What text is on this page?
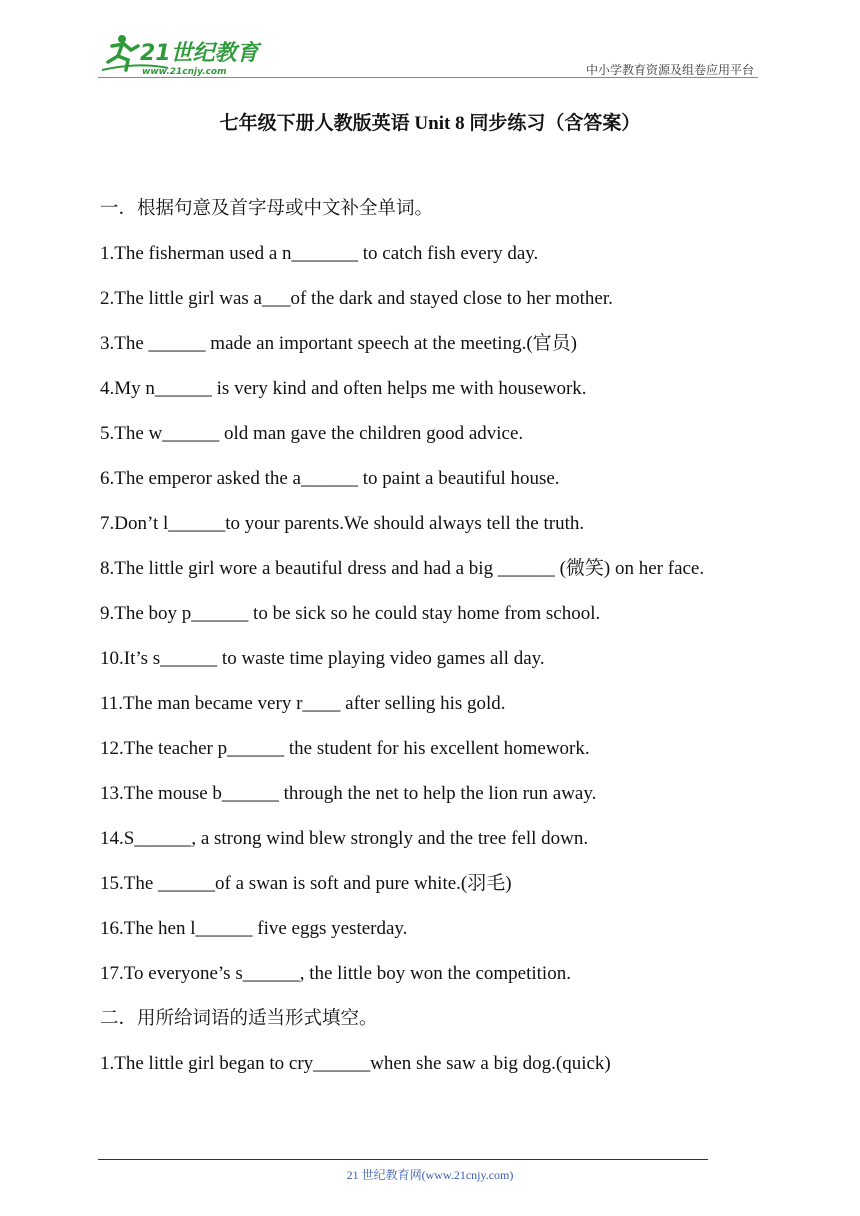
21世纪教育
www.21cnjy.com	中小学教育资源及组卷应用平台
七年级下册人教版英语 Unit 8 同步练习（含答案）

一．根据句意及首字母或中文补全单词。

1.The fisherman used a n_______ to catch fish every day.

2.The little girl was a___of the dark and stayed close to her mother.

3.The ______ made an important speech at the meeting.(官员)

4.My n______ is very kind and often helps me with housework.

5.The w______ old man gave the children good advice.

6.The emperor asked the a______ to paint a beautiful house.

7.Don’t l______to your parents.We should always tell the truth.

8.The little girl wore a beautiful dress and had a big ______ (微笑) on her face.

9.The boy p______ to be sick so he could stay home from school.

10.It’s s______ to waste time playing video games all day.

11.The man became very r____ after selling his gold.

12.The teacher p______ the student for his excellent homework.

13.The mouse b______ through the net to help the lion run away.

14.S______, a strong wind blew strongly and the tree fell down.

15.The ______of a swan is soft and pure white.(羽毛)

16.The hen l______ five eggs yesterday.

17.To everyone’s s______, the little boy won the competition.

二．用所给词语的适当形式填空。

1.The little girl began to cry______when she saw a big dog.(quick)

21 世纪教育网(www.21cnjy.com)
